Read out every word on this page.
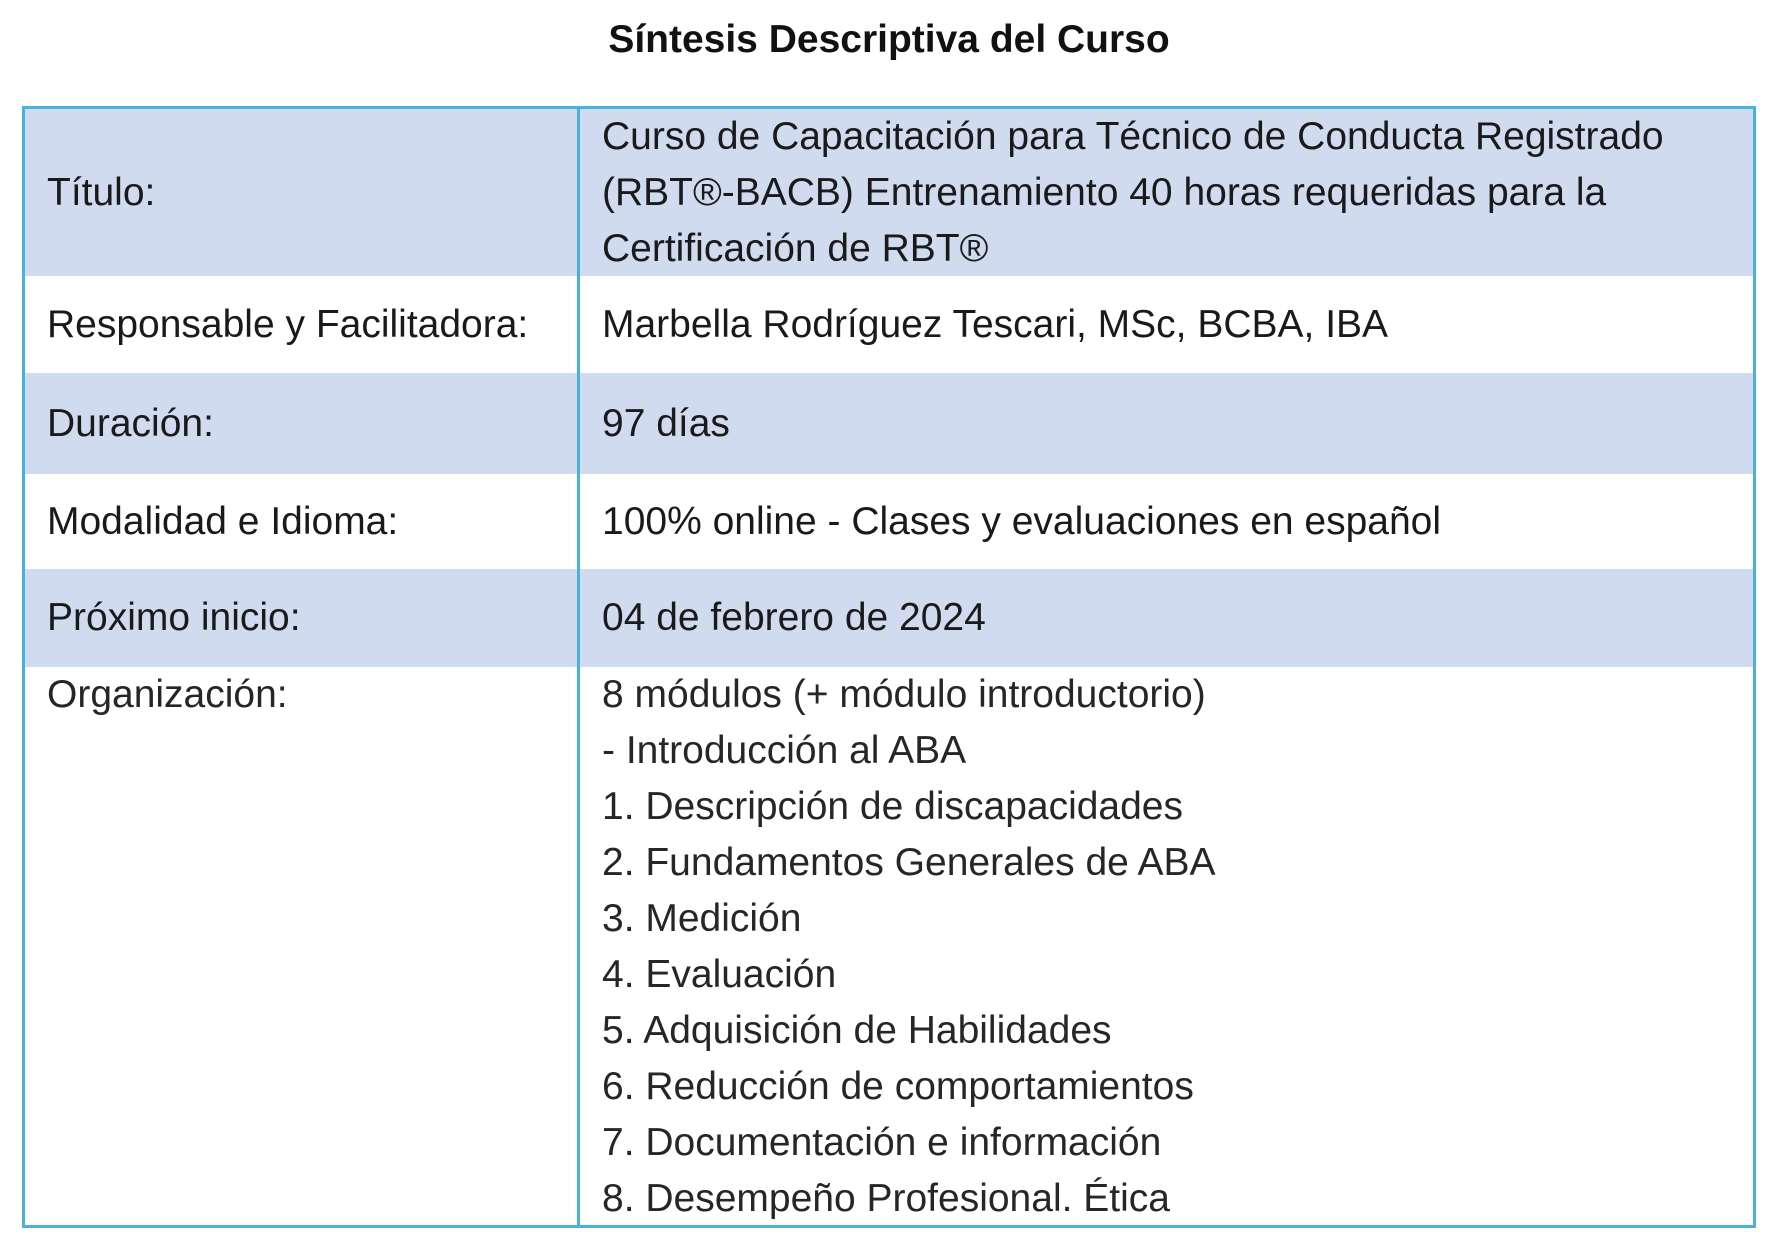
Síntesis Descriptiva del Curso
Título:
Curso de Capacitación para Técnico de Conducta Registrado (RBT®-BACB) Entrenamiento 40 horas requeridas para la Certificación de RBT®
Responsable y Facilitadora:	Marbella Rodríguez Tescari, MSc, BCBA, IBA
Duración:	97 días
Modalidad e Idioma:	100% online - Clases y evaluaciones en español
Próximo inicio:	04 de febrero de 2024
Organización:	8 módulos (+ módulo introductorio)
- Introducción al ABA
1. Descripción de discapacidades
2. Fundamentos Generales de ABA
3. Medición
4. Evaluación
5. Adquisición de Habilidades
6. Reducción de comportamientos
7. Documentación e información
8. Desempeño Profesional. Ética
